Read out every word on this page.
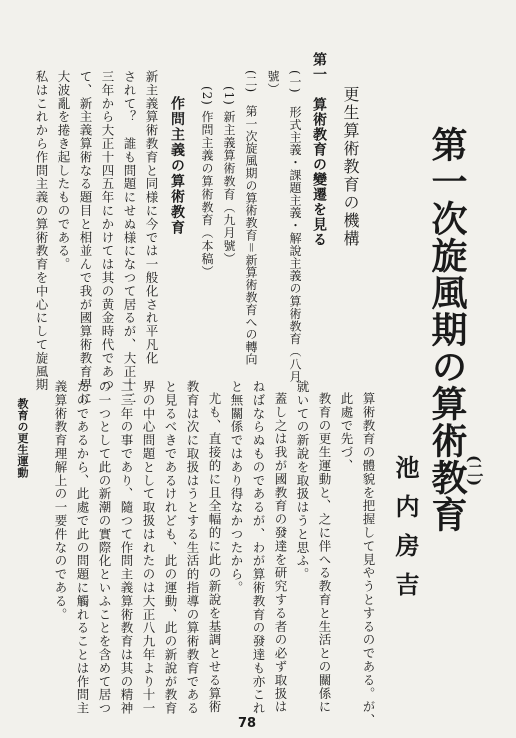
第一次旋風期の算術教育
(二)
池内房吉
更生算術教育の機構
第一　算術教育の變遷を見る
(一)　形式主義・課題主義・解說主義の算術教育（八月
號）
(二)　第一次旋風期の算術教育＝新算術教育への轉向
(1) 新主義算術教育（九月號）
(2) 作問主義の算術教育（本稿）
作問主義の算術教育
新主義算術教育と同様に今では一般化され平凡化
されて？　誰も問題にせぬ様になつて居るが、大正十二
三年から大正十四五年にかけては其の黄金時代であつ
て、新主義算術なる題目と相並んで我が國算術教育界に
大波亂を捲き起したものである。
私はこれから作問主義の算術教育を中心にして旋風期
算術教育の體貌を把握して見やうとするのである。が、
此處で先づ、
教育の更生運動と、之に伴へる教育と生活との關係に
就いての新說を取扱はうと思ふ。
蓋し之は我が國教育の發達を研究する者の必ず取扱は
ねばならぬものであるが、わが算術教育の發達も亦これ
と無關係ではあり得なかつたから。
尤も、直接的に且全幅的に此の新說を基調とせる算術
教育は次に取扱はうとする生活的指導の算術教育である
と見るべきであるけれども、此の運動、此の新說が教育
界の中心問題として取扱はれたのは大正八九年より十一
二三年の事であり、隨つて作問主義算術教育は其の精神
の一つとして此の新潮の實際化といふことを含めて居つ
たのであるから、此處で此の問題に觸れることは作問主
義算術教育理解上の一要件なのである。
教育の更生運動
78
